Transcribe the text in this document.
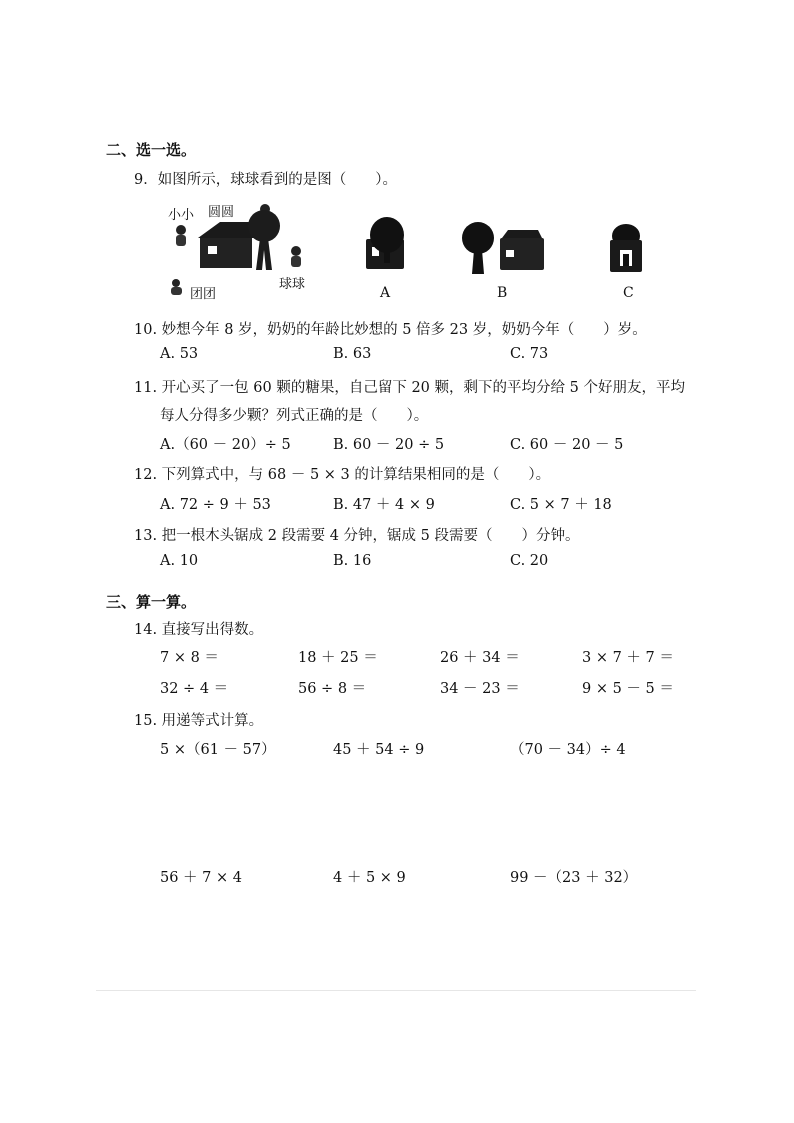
二、选一选。
9．如图所示，球球看到的是图（　　）。
小小 圆圆
团团
球球
A	B	C
10. 妙想今年 8 岁，奶奶的年龄比妙想的 5 倍多 23 岁，奶奶今年（　　）岁。
A. 53	B. 63	C. 73
11. 开心买了一包 60 颗的糖果，自己留下 20 颗，剩下的平均分给 5 个好朋友，平均
每人分得多少颗？列式正确的是（　　）。
A.（60 － 20）÷ 5	B. 60 － 20 ÷ 5	C. 60 － 20 － 5
12. 下列算式中，与 68 － 5 × 3 的计算结果相同的是（　　）。
A. 72 ÷ 9 ＋ 53	B. 47 ＋ 4 × 9	C. 5 × 7 ＋ 18
13. 把一根木头锯成 2 段需要 4 分钟，锯成 5 段需要（　　）分钟。
A. 10	B. 16	C. 20
三、算一算。
14. 直接写出得数。
7 × 8 ＝	18 ＋ 25 ＝	26 ＋ 34 ＝	3 × 7 ＋ 7 ＝
32 ÷ 4 ＝	56 ÷ 8 ＝	34 － 23 ＝	9 × 5 － 5 ＝
15. 用递等式计算。
5 ×（61 － 57）	45 ＋ 54 ÷ 9	（70 － 34）÷ 4
56 ＋ 7 × 4	4 ＋ 5 × 9	99 －（23 ＋ 32）
